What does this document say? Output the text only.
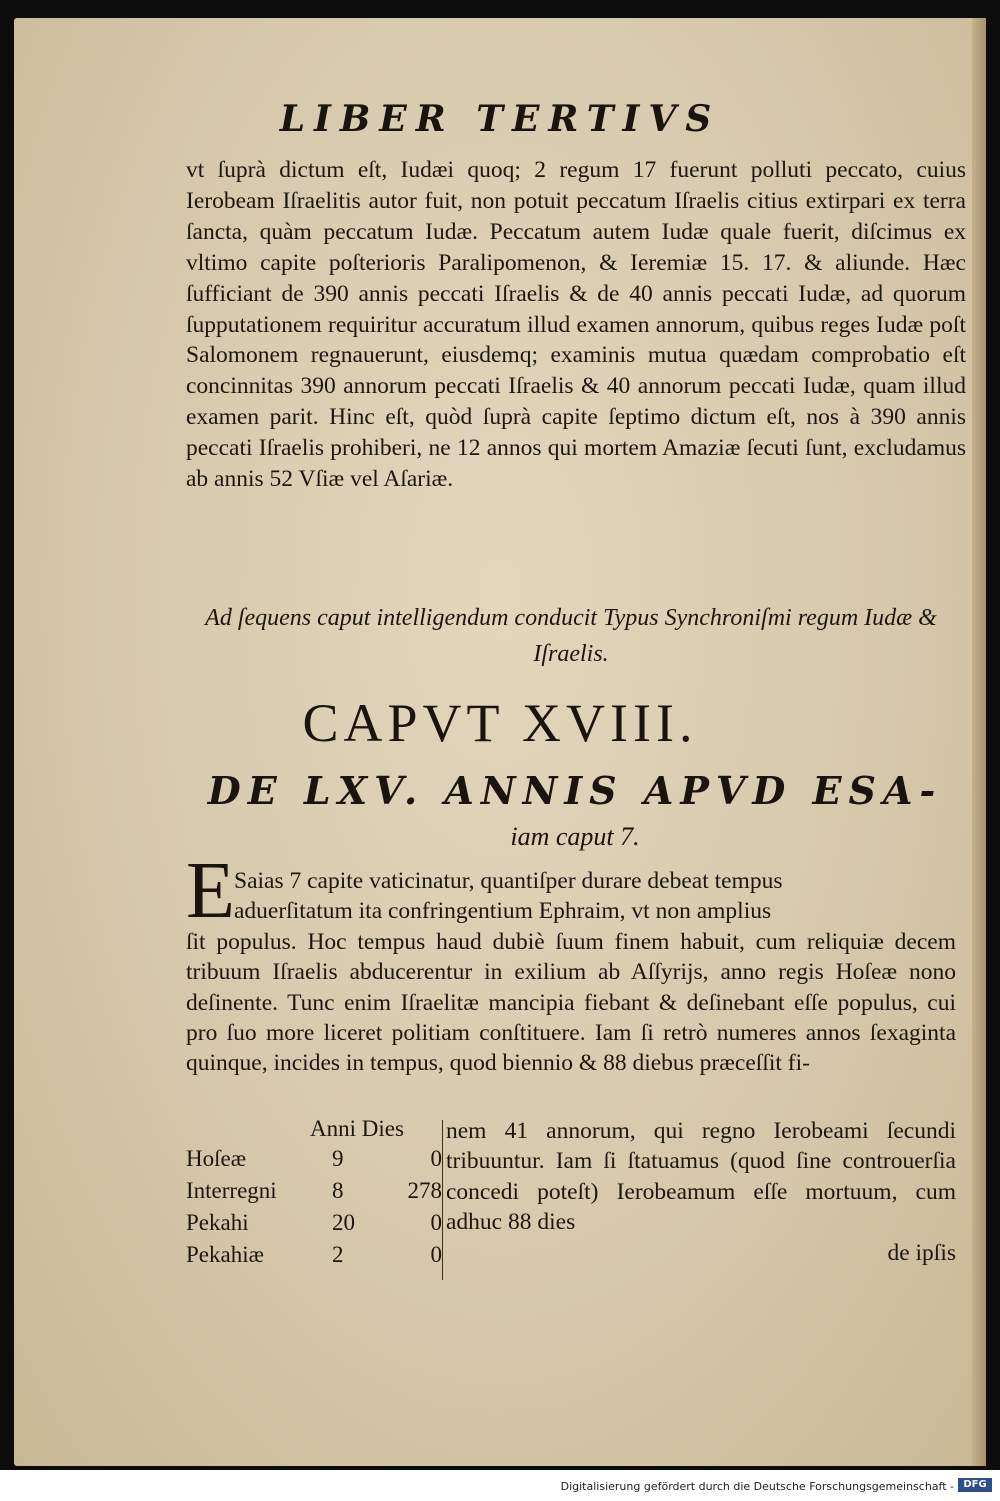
LIBER TERTIVS

vt ſuprà dictum eſt, Iudæi quoq; 2 regum 17 fuerunt polluti peccato, cuius Ierobeam Iſraelitis autor fuit, non potuit peccatum Iſraelis citius extirpari ex terra ſancta, quàm peccatum Iudæ. Peccatum autem Iudæ quale fuerit, diſcimus ex vltimo capite poſterioris Paralipomenon, & Ieremiæ 15. 17. & aliunde. Hæc ſufficiant de 390 annis peccati Iſraelis & de 40 annis peccati Iudæ, ad quorum ſupputationem requiritur accuratum illud examen annorum, quibus reges Iudæ poſt Salomonem regnauerunt, eiusdemq; examinis mutua quædam comprobatio eſt concinnitas 390 annorum peccati Iſraelis & 40 annorum peccati Iudæ, quam illud examen parit. Hinc eſt, quòd ſuprà capite ſeptimo dictum eſt, nos à 390 annis peccati Iſraelis prohiberi, ne 12 annos qui mortem Amaziæ ſecuti ſunt, excludamus ab annis 52 Vſiæ vel Aſariæ.

Ad ſequens caput intelligendum conducit Typus Synchroniſmi regum Iudæ & Iſraelis.
CAPVT XVIII.
DE LXV. ANNIS APVD ESA-
iam caput 7.
E Saias 7 capite vaticinatur, quantiſper durare debeat tempus
aduerſitatum ita confringentium Ephraim, vt non amplius
ſit populus. Hoc tempus haud dubiè ſuum finem habuit, cum reliquiæ decem tribuum Iſraelis abducerentur in exilium ab Aſſyrijs, anno regis Hoſeæ nono deſinente. Tunc enim Iſraelitæ mancipia fiebant & deſinebant eſſe populus, cui pro ſuo more liceret politiam conſtituere. Iam ſi retrò numeres annos ſexaginta quinque, incides in tempus, quod biennio & 88 diebus præceſſit fi-
Anni Dies
Hoſeæ	9	0
Interregni 8	278
Pekahi	20	0
Pekahiæ	2	0
nem 41 annorum, qui regno Ierobeami ſecundi tribuuntur. Iam ſi ſtatuamus (quod ſine controuerſia concedi poteſt) Ierobeamum eſſe mortuum, cum adhuc 88 dies
de ipſis
Digitalisierung gefördert durch die Deutsche Forschungsgemeinschaft - DFG
